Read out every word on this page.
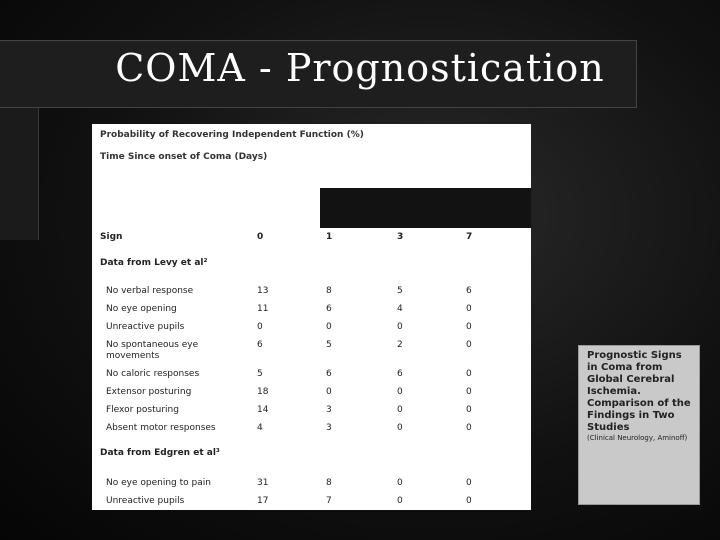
COMA - Prognostication
Probability of Recovering Independent Function (%)
Time Since onset of Coma (Days)
Sign	0	1	3	7
Data from Levy et al²
No verbal response	13	8	5	6
No eye opening	11	6	4	0
Unreactive pupils	0	0	0	0
No spontaneous eye movements
6	5	2	0
No caloric responses	5	6	6	0
Extensor posturing	18	0	0	0
Flexor posturing	14	3	0	0
Absent motor responses	4	3	0	0
Data from Edgren et al³
No eye opening to pain	31	8	0	0
Unreactive pupils	17	7	0	0
Prognostic Signs in Coma from Global Cerebral Ischemia. Comparison of the Findings in Two Studies
(Clinical Neurology, Aminoff)
